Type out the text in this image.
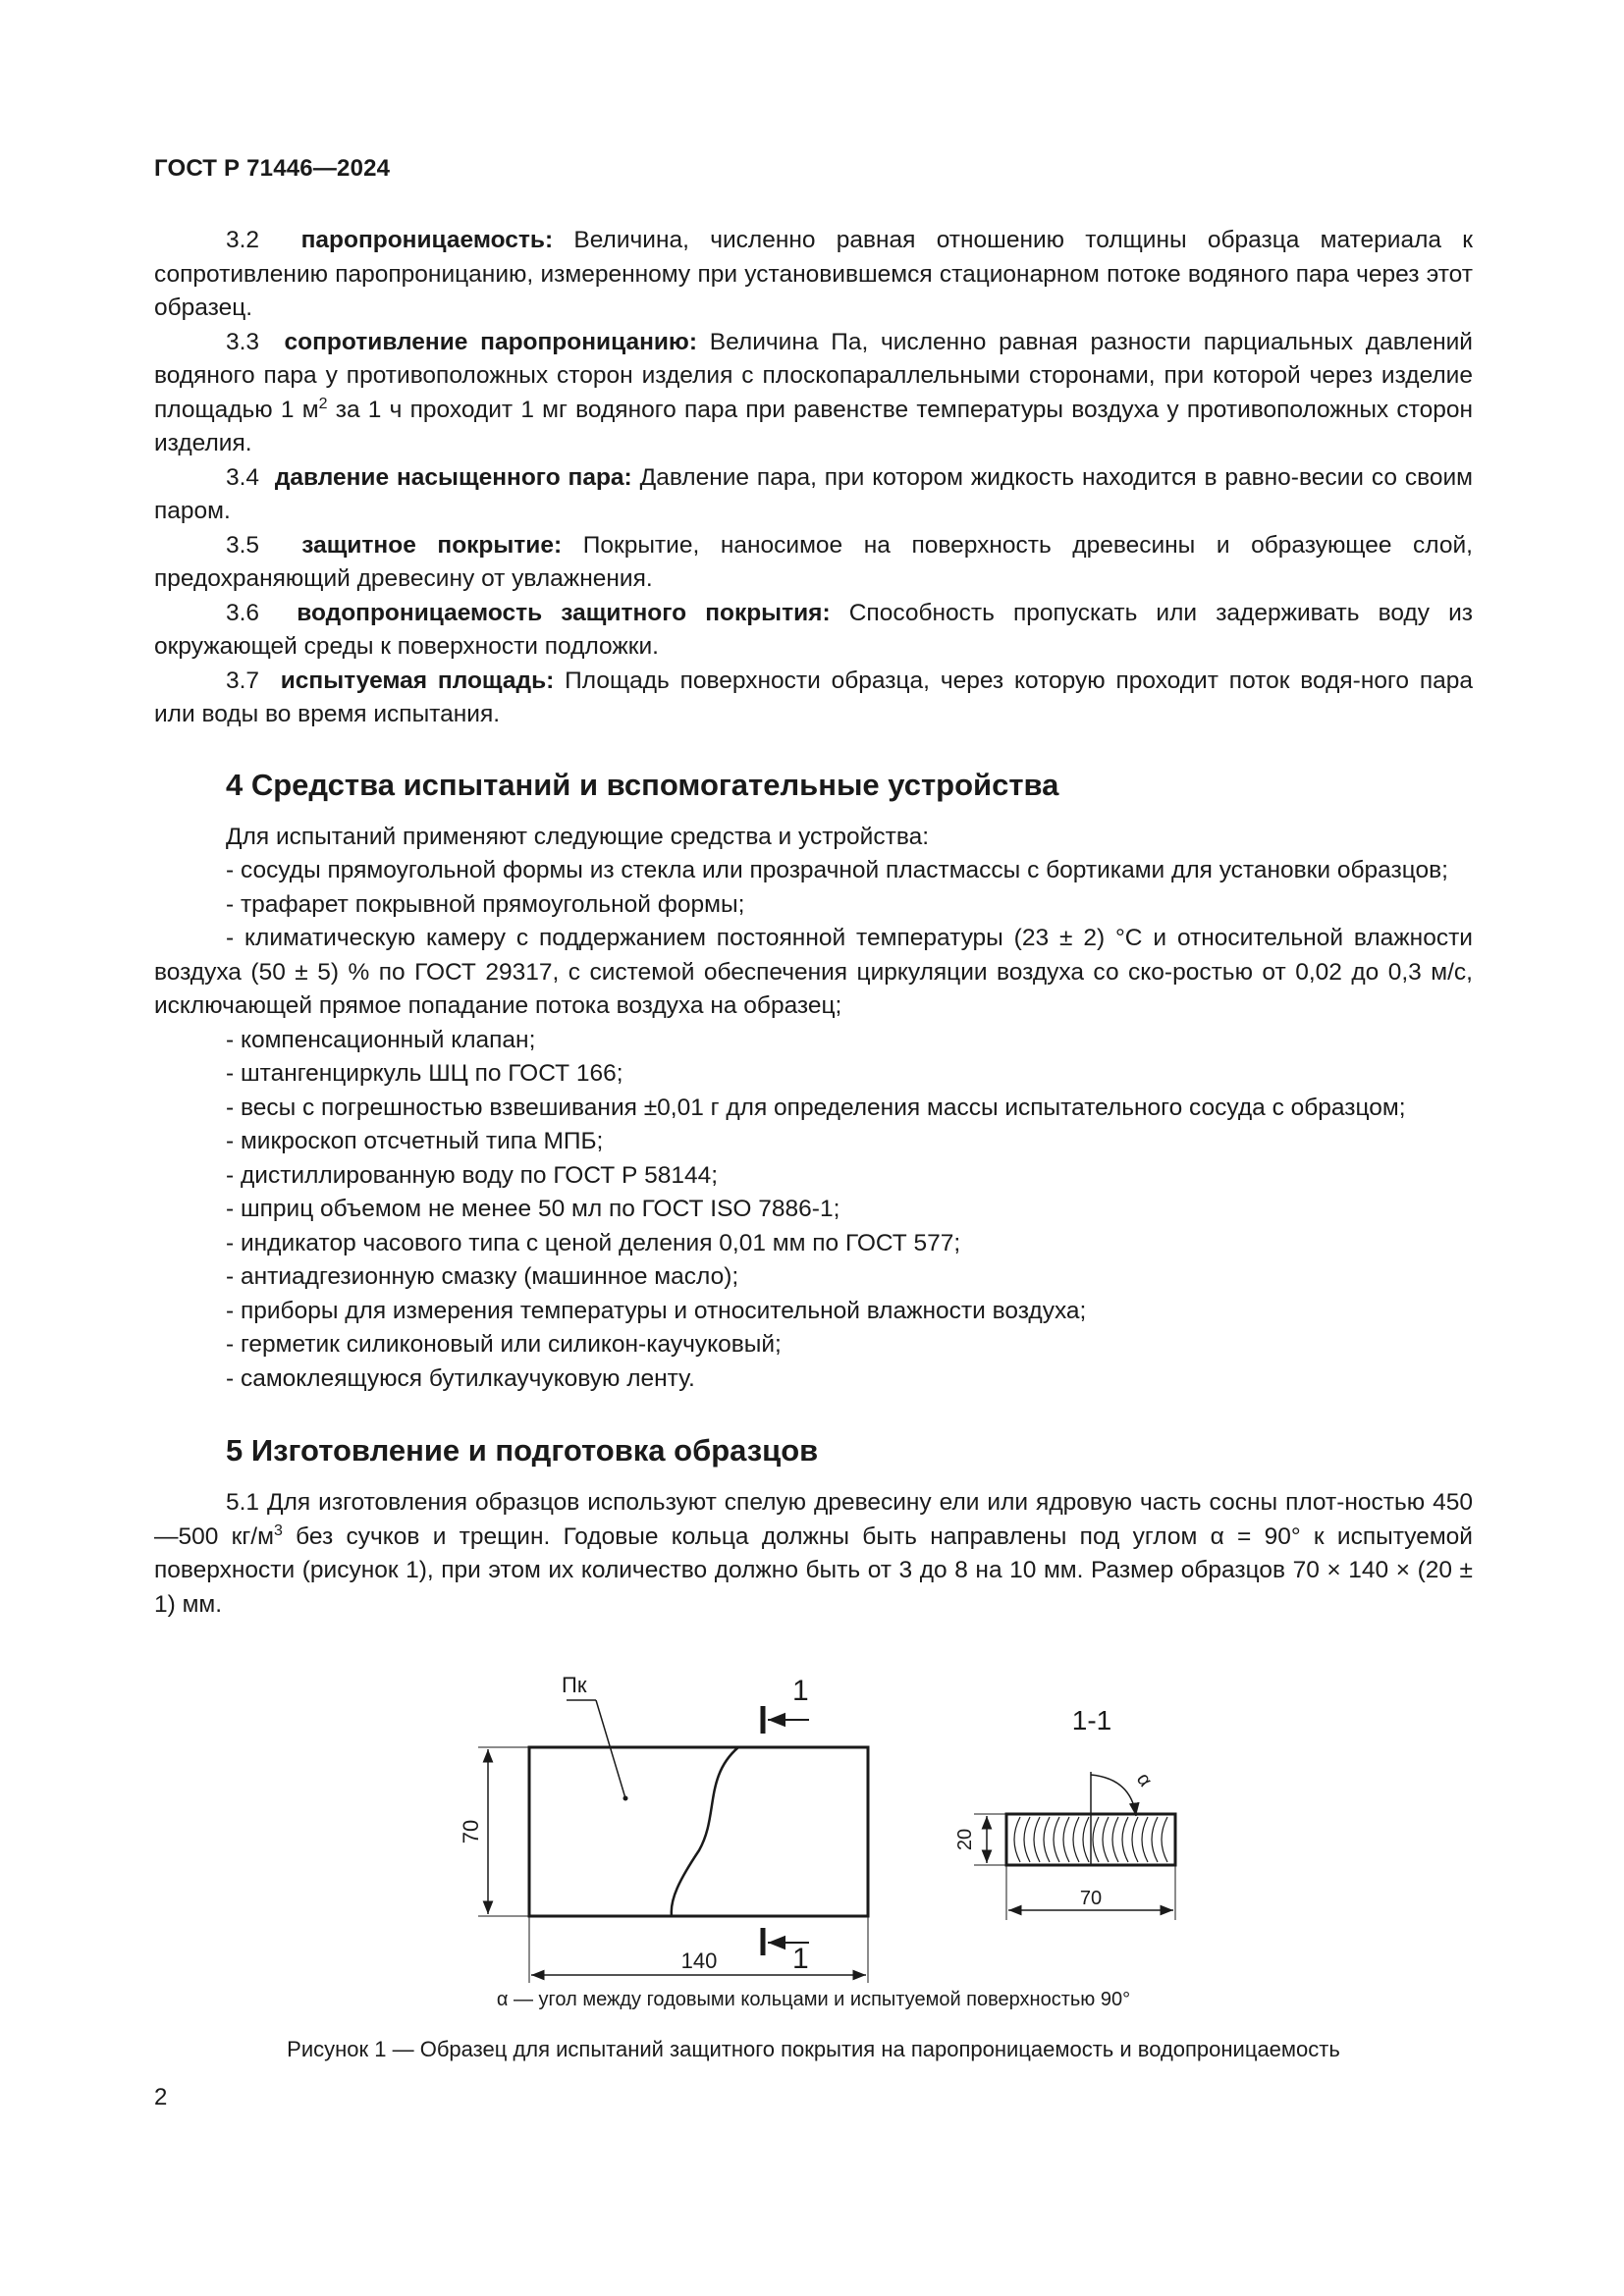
ГОСТ Р 71446—2024

3.2 паропроницаемость: Величина, численно равная отношению толщины образца материала к сопротивлению паропроницанию, измеренному при установившемся стационарном потоке водяного пара через этот образец.

3.3 сопротивление паропроницанию: Величина Па, численно равная разности парциальных давлений водяного пара у противоположных сторон изделия с плоскопараллельными сторонами, при которой через изделие площадью 1 $м^2$ за 1 ч проходит 1 мг водяного пара при равенстве температуры воздуха у противоположных сторон изделия.

3.4 давление насыщенного пара: Давление пара, при котором жидкость находится в равно-весии со своим паром.

3.5 защитное покрытие: Покрытие, наносимое на поверхность древесины и образующее слой, предохраняющий древесину от увлажнения.

3.6 водопроницаемость защитного покрытия: Способность пропускать или задерживать воду из окружающей среды к поверхности подложки.

3.7 испытуемая площадь: Площадь поверхности образца, через которую проходит поток водя-ного пара или воды во время испытания.

4 Средства испытаний и вспомогательные устройства

Для испытаний применяют следующие средства и устройства:

- сосуды прямоугольной формы из стекла или прозрачной пластмассы с бортиками для установки образцов;

- трафарет покрывной прямоугольной формы;

- климатическую камеру с поддержанием постоянной температуры (23 ± 2) °С и относительной влажности воздуха (50 ± 5) % по ГОСТ 29317, с системой обеспечения циркуляции воздуха со ско-ростью от 0,02 до 0,3 м/с, исключающей прямое попадание потока воздуха на образец;

- компенсационный клапан;

- штангенциркуль ШЦ по ГОСТ 166;

- весы с погрешностью взвешивания ±0,01 г для определения массы испытательного сосуда с образцом;

- микроскоп отсчетный типа МПБ;

- дистиллированную воду по ГОСТ Р 58144;

- шприц объемом не менее 50 мл по ГОСТ ISO 7886-1;

- индикатор часового типа с ценой деления 0,01 мм по ГОСТ 577;

- антиадгезионную смазку (машинное масло);

- приборы для измерения температуры и относительной влажности воздуха;

- герметик силиконовый или силикон-каучуковый;

- самоклеящуюся бутилкаучуковую ленту.

5 Изготовление и подготовка образцов

5.1 Для изготовления образцов используют спелую древесину ели или ядровую часть сосны плот-ностью 450—500 $кг/м^3$ без сучков и трещин. Годовые кольца должны быть направлены под углом α = 90° к испытуемой поверхности (рисунок 1), при этом их количество должно быть от 3 до 8 на 10 мм. Размер образцов 70 × 140 × (20 ± 1) мм.

Пк	1
1
70
140
1-1
α
20
70
α — угол между годовыми кольцами и испытуемой поверхностью 90°
Рисунок 1 — Образец для испытаний защитного покрытия на паропроницаемость и водопроницаемость
2
